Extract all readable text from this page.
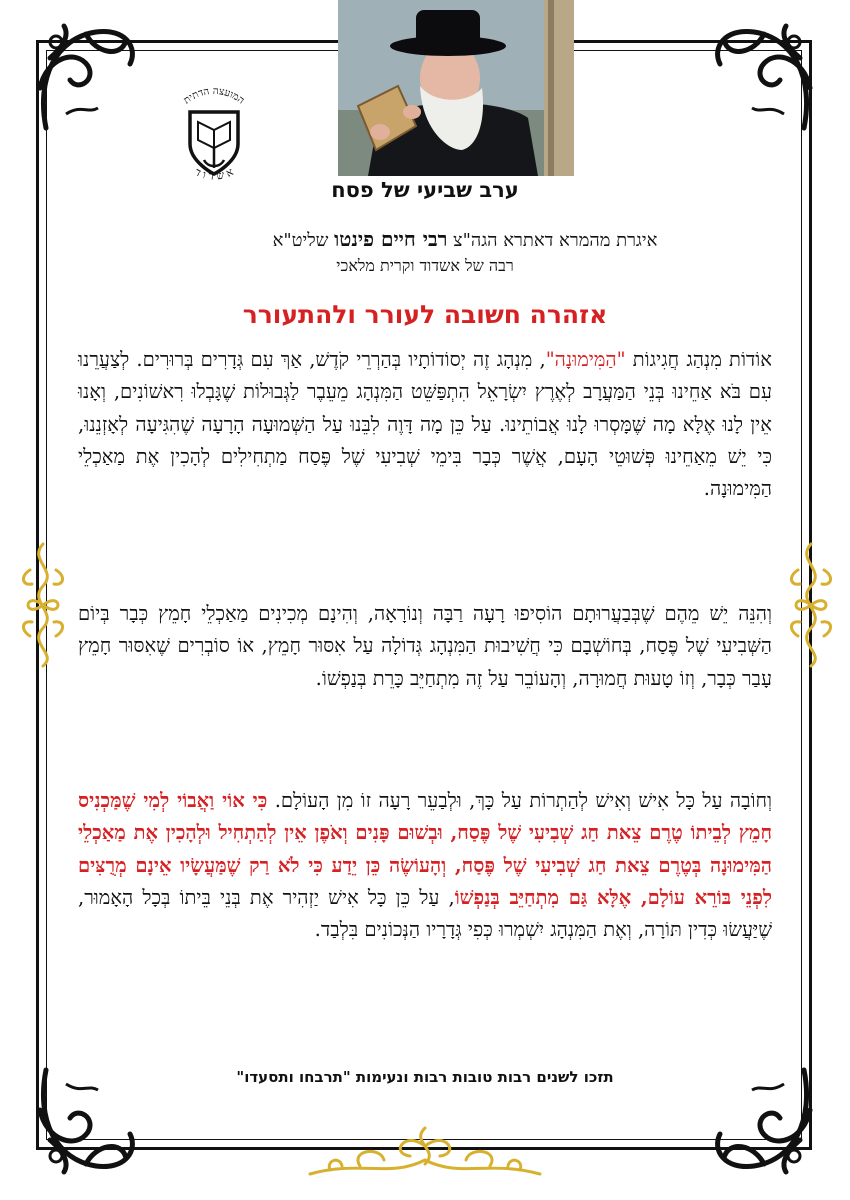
המועצה הדתית
א ש ד ו ד
ערב שביעי של פסח
איגרת מהמרא דאתרא הגה"צ רבי חיים פינטו שליט"א
רבה של אשדוד וקרית מלאכי
אזהרה חשובה לעורר ולהתעורר
אוֹדוֹת מִנְהַג חֲגִיגוֹת "הַמִּימוּנָה", מִנְהָג זֶה יְסוֹדוֹתָיו בְּהַרְרֵי קֹדֶשׁ, אַךְ עִם גְּדָרִים בְּרוּרִים. לְצַעֲרֵנוּ עִם בֹּא אַחֵינוּ בְּנֵי הַמַּעֲרָב לְאֶרֶץ יִשְׂרָאֵל הִתְפַּשֵּׁט הַמִּנְהָג מֵעֵבֶר לַגְּבוּלוֹת שֶׁגָּבְלוּ רִאשׁוֹנִים, וְאָנוּ אֵין לָנוּ אֶלָּא מָה שֶּׁמָּסְרוּ לָנוּ אֲבוֹתֵינוּ. עַל כֵּן מָה דָּוֶה לִבֵּנוּ עַל הַשְּׁמוּעָה הָרָעָה שֶׁהִגִּיעָה לְאָזְנֵנוּ, כִּי יֵשׁ מֵאַחֵינוּ פְּשׁוּטֵי הָעָם, אֲשֶׁר כְּבָר בִּימֵי שְׁבִיעִי שֶׁל פֶּסַח מַתְחִילִים לְהָכִין אֶת מַאַכְלֵי הַמִּימוּנָה.
וְהִנֵּה יֵשׁ מֵהֶם שֶׁבְּבַעֲרוּתָם הוֹסִיפוּ רָעָה רַבָּה וְנוֹרָאָה, וְהִינָם מְכִינִים מַאַכְלֵי חָמֵץ כְּבָר בְּיוֹם הַשְּׁבִיעִי שֶׁל פֶּסַח, בְּחוֹשְׁבָם כִּי חֲשִׁיבוּת הַמִּנְהָג גְּדוֹלָה עַל אִסּוּר חָמֵץ, אוֹ סוֹבְרִים שֶׁאִסּוּר חָמֵץ עָבַר כְּבָר, וְזוֹ טָעוּת חֲמוּרָה, וְהָעוֹבֵר עַל זֶה מִתְחַיֵּב כָּרֵת בְּנַפְשׁוֹ.
וְחוֹבָה עַל כָּל אִישׁ וְאִישׁ לְהַתְרוֹת עַל כָּךְ, וּלְבַעֵר רָעָה זוֹ מִן הָעוֹלָם. כִּי אוֹי וַאֲבוֹי לְמִי שֶׁמַּכְנִיס חָמֵץ לְבֵיתוֹ טֶרֶם צֵאת חַג שְׁבִיעִי שֶׁל פֶּסַח, וּבְשׁוּם פָּנִים וְאֹפֶן אֵין לְהַתְחִיל וּלְהָכִין אֶת מַאַכְלֵי הַמִּימוּנָה בְּטֶרֶם צֵאת חַג שְׁבִיעִי שֶׁל פֶּסַח, וְהָעוֹשֶׂה כֵּן יֵדַע כִּי לֹא רַק שֶׁמַּעֲשָׂיו אֵינָם מְרֻצִּים לִפְנֵי בּוֹרֵא עוֹלָם, אֶלָּא גַּם מִתְחַיֵּב בְּנַפְשׁוֹ, עַל כֵּן כָּל אִישׁ יַזְהִיר אֶת בְּנֵי בֵּיתוֹ בְּכָל הָאָמוּר, שֶׁיַּעֲשׂוּ כְּדִין תּוֹרָה, וְאֶת הַמִּנְהָג יִשְׁמְרוּ כְּפִי גְּדָרָיו הַנְּכוֹנִים בִּלְבַד.
תזכו לשנים רבות טובות רבות ונעימות "תרבחו ותסעדו"
